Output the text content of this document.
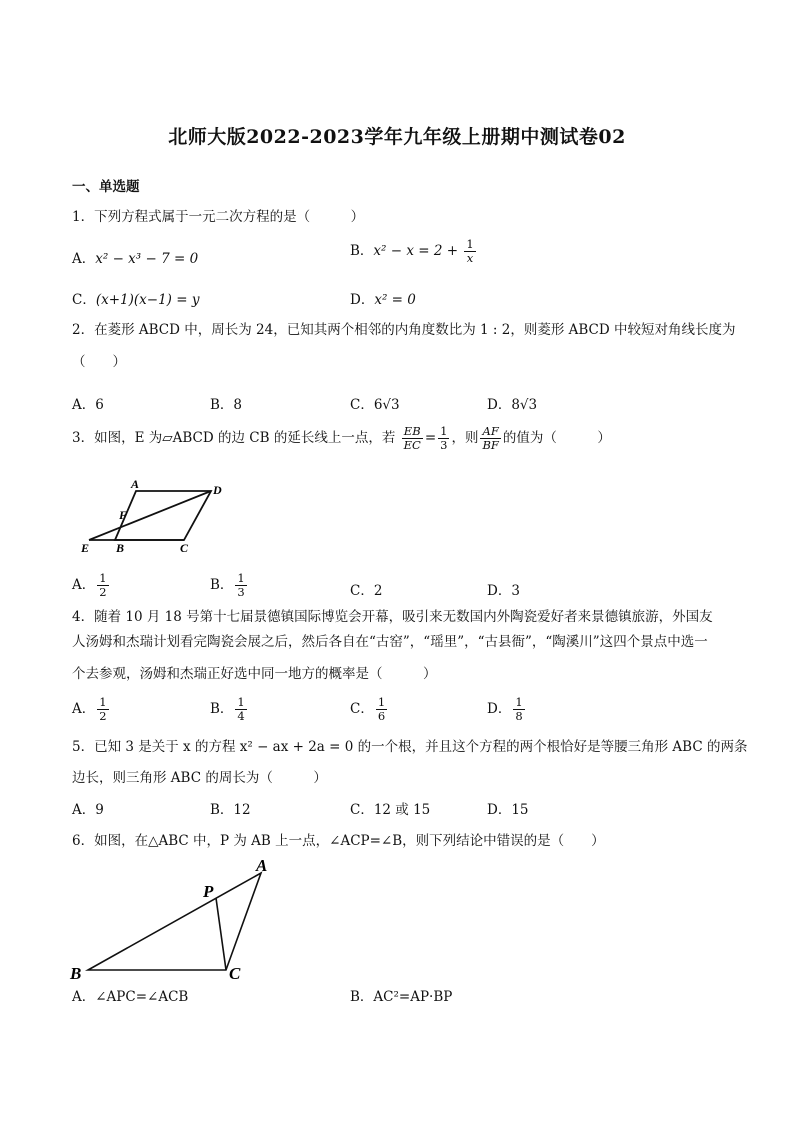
北师大版2022-2023学年九年级上册期中测试卷02
一、单选题
1．下列方程式属于一元二次方程的是（　　　）
A．x² − x³ − 7 = 0	B．$x^2 - x = 2 + \frac{1}{x}$
C．(x+1)(x−1) = y	D．x² = 0
2．在菱形 ABCD 中，周长为 24，已知其两个相邻的内角度数比为 1 : 2，则菱形 ABCD 中较短对角线长度为
（　　）
A．6	B．8	C．6√3	D．8√3
3．如图，E 为▱ABCD 的边 CB 的延长线上一点，若 $\frac{EB}{EC} = \frac{1}{3}$ ，则 $\frac{AF}{BF}$ 的值为（　　　）
A	D
F
E B	C
A． $\frac{1}{2}$	B． $\frac{1}{3}$	C．2	D．3
4．随着 10 月 18 号第十七届景德镇国际博览会开幕，吸引来无数国内外陶瓷爱好者来景德镇旅游，外国友
人汤姆和杰瑞计划看完陶瓷会展之后，然后各自在“古窑”，“瑶里”，“古县衙”，“陶溪川”这四个景点中选一
个去参观，汤姆和杰瑞正好选中同一地方的概率是（　　　）
A． $\frac{1}{2}$	B． $\frac{1}{4}$	C． $\frac{1}{6}$	D． $\frac{1}{8}$
5．已知 3 是关于 x 的方程 x² − ax + 2a = 0 的一个根，并且这个方程的两个根恰好是等腰三角形 ABC 的两条
边长，则三角形 ABC 的周长为（　　　）
A．9	B．12	C．12 或 15	D．15
6．如图，在△ABC 中，P 为 AB 上一点，∠ACP=∠B，则下列结论中错误的是（　　）
A
P
B	C
A．∠APC=∠ACB	B．AC²=AP·BP
